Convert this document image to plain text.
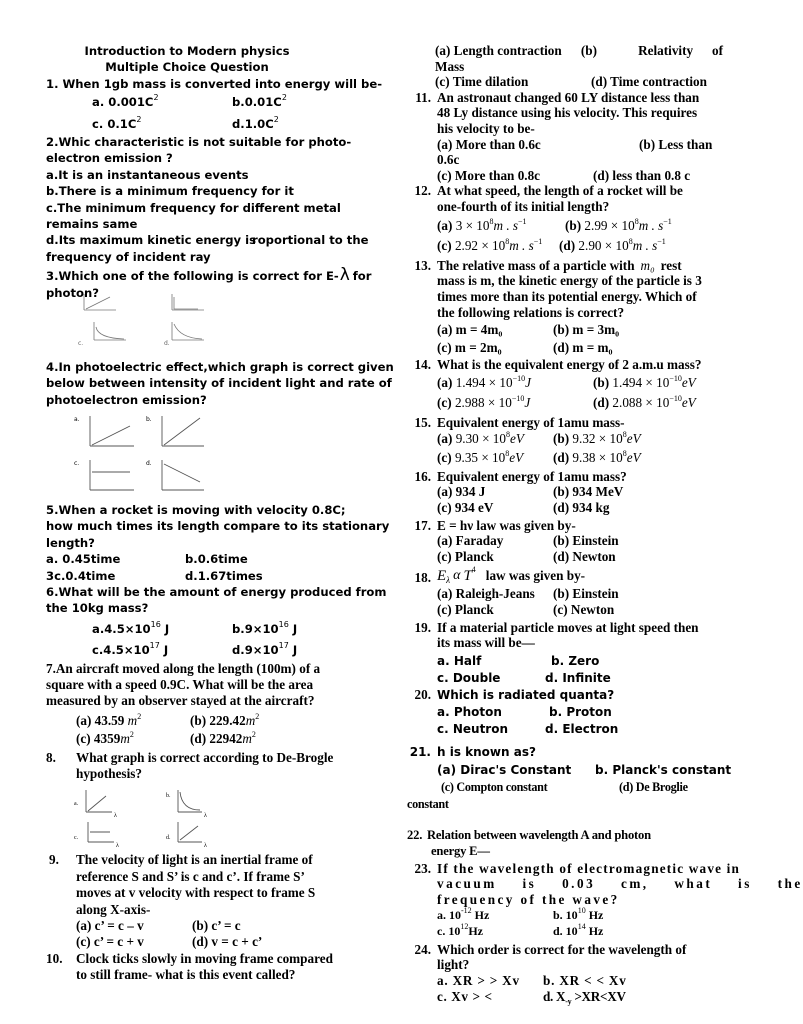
Introduction to Modern physics
Multiple Choice Question
1. When 1gb mass is converted into energy will be-
a. $0.001C^2$	$b.0.01C^2$
c. $0.1C^2$	$d.1.0C^2$
2.Whic characteristic is not suitable for photo-
electron emission ?
a.It is an instantaneous events
b.There is a minimum frequency for it
c.The minimum frequency for different metal
remains same
d.Its maximum kinetic energy is
roportional to the
frequency of incident ray
3.Which one of the following is correct for E- λ for
photon?
c.	d.
4.In photoelectric effect,which graph is correct given
below between intensity of incident light and rate of
photoelectron emission?
a.	b.
c.	d.
5.When a rocket is moving with velocity 0.8C;
how much times its length compare to its stationary
length?
a. 0.45time	b.0.6time
3c.0.4time	d.1.67times
6.What will be the amount of energy produced from
the 10kg mass?
$a.4.5\times 10^{16}$ J	$b.9\times 10^{16}$ J
$c.4.5\times 10^{17}$ J	$d.9\times 10^{17}$ J
7.An aircraft moved along the length (100m) of a
square with a speed 0.9C. What will be the area
measured by an observer stayed at the aircraft?
(a) 43.59 $m^2$	(b) $229.42m^2$
(c) $4359m^2$	(d) $22942m^2$
8.	What graph is correct according to De-Brogle
hypothesis?
a.
b.
c.	d.
λ	λ
λ	λ
9.	The velocity of light is an inertial frame of
reference S and S’ is c and c’. If frame S’
moves at v velocity with respect to frame S
along X-axis-
(a) c’ = c – v	(b) c’ = c
(c) c’ = c + v	(d) v = c + c’
10.	Clock ticks slowly in moving frame compared
to still frame- what is this event called?
(a) Length contraction	(b)	Relativity	of
Mass
(c) Time dilation	(d) Time contraction
11. An astronaut changed 60 LY distance less than
48 Ly distance using his velocity. This requires
his velocity to be-
(a) More than 0.6c	(b) Less than
0.6c
(c) More than 0.8c	(d) less than 0.8 c
12. At what speed, the length of a rocket will be
one-fourth of its initial length?
(a) $3 \times 10^8m$ . $s^{-1}$	(b) $2.99 \times 10^8m$ . $s^{-1}$
(c) $2.92 \times 10^8m$ . $s^{-1}$	(d) $2.90 \times 10^8m$ . $s^{-1}$
13. The relative mass of a particle with m₀ rest
mass is m, the kinetic energy of the particle is 3
times more than its potential energy. Which of
the following relations is correct?
(a) m = 4m₀	(b) m = 3m₀
(c) m = 2m₀	(d) m = m₀
14. What is the equivalent energy of 2 a.m.u mass?
(a) $1.494 \times 10^{-10}J$	(b) $1.494 \times 10^{-10}eV$
(c) $2.988 \times 10^{-10}J$	(d) $2.088 \times 10^{-10}eV$
15. Equivalent energy of 1amu mass-
(a) $9.30 \times 10^8eV$	(b) $9.32 \times 10^8eV$
(c) $9.35 \times 10^8eV$	(d) $9.38 \times 10^8eV$
16. Equivalent energy of 1amu mass?
(a) 934 J	(b) 934 MeV
(c) 934 eV	(d) 934 kg
17. E = hν law was given by-
(a) Faraday	(b) Einstein
(c) Planck	(d) Newton
18. E λ α T 4 law was given by-
(a) Raleigh-Jeans	(b) Einstein
(c) Planck	(c) Newton
19. If a material particle moves at light speed then
its mass will be—
a. Half	b. Zero
c. Double	d. Infinite
20. Which is radiated quanta?
a. Photon	b. Proton
c. Neutron	d. Electron
21. h is known as?
(a) Dirac's Constant	b. Planck's constant
(c) Compton constant	(d) De Broglie
constant
22. Relation between wavelength A and photon
energy E—
23. If the wavelength of electromagnetic wave in
vacuum is 0.03 cm, what is the
frequency of the wave?
a. $10^{-12}$ Hz	b. $10^{10}$ Hz
c. $10^{12}Hz$	d. $10^{14}$ Hz
24. Which order is correct for the wavelength of
light?
a. XR > > Xv	b. XR < < Xv
c. Xv > <	d. $X_{-y} >XR<XV$
